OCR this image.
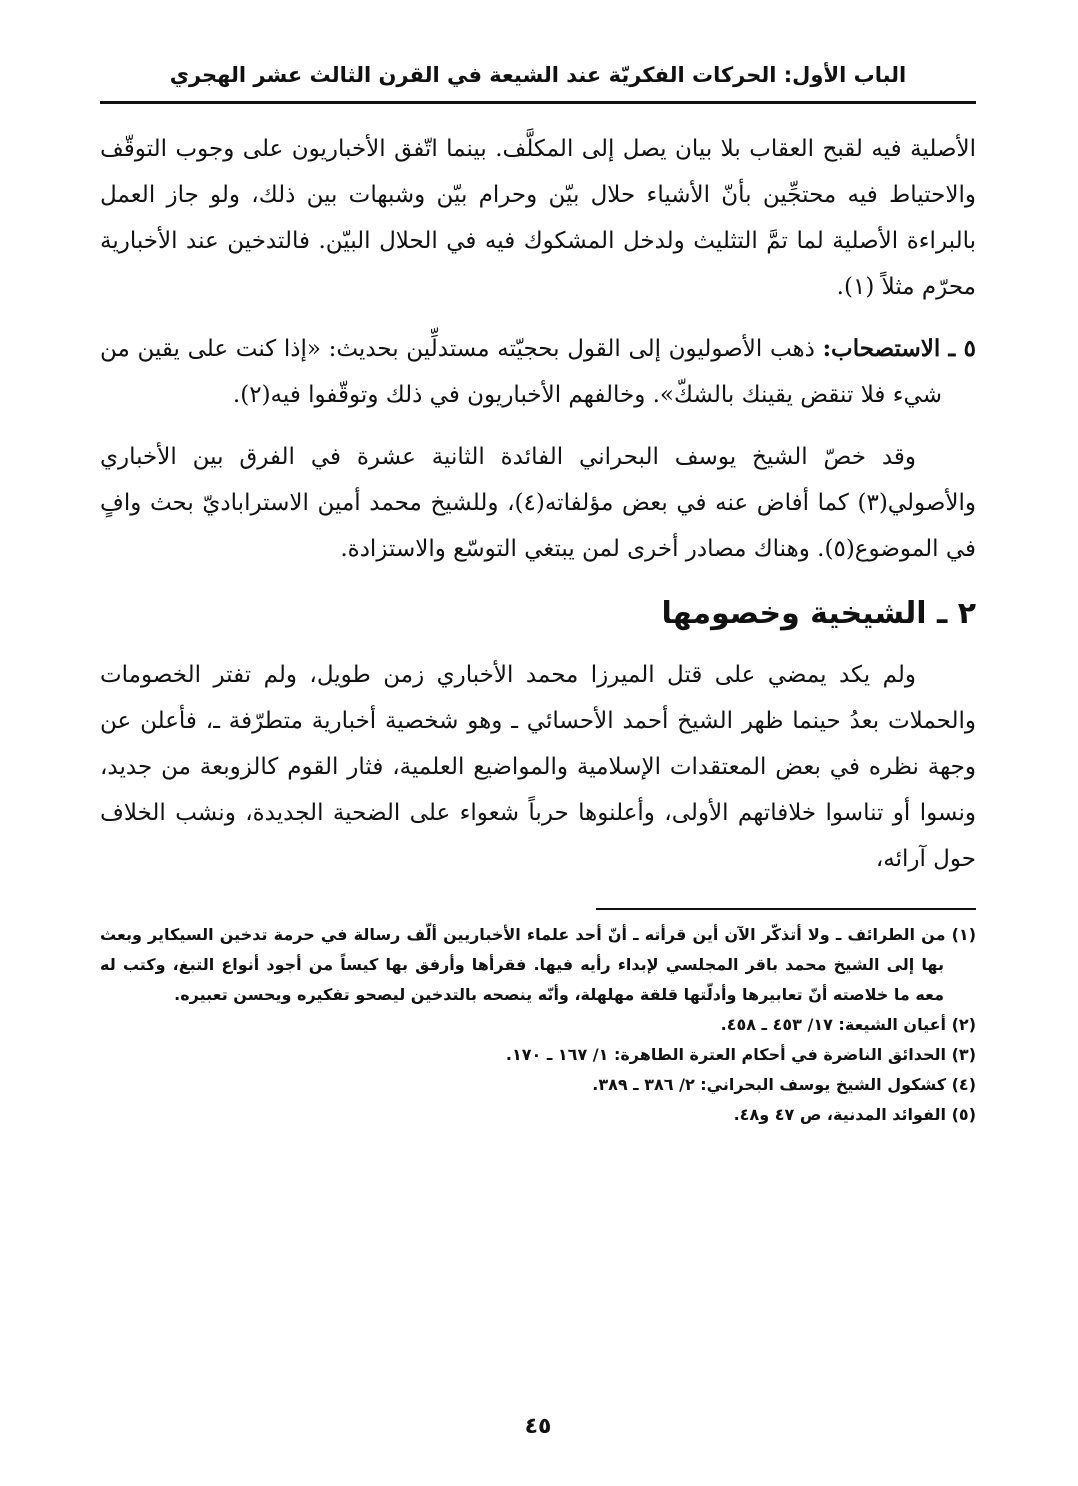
الباب الأول: الحركات الفكريّة عند الشيعة في القرن الثالث عشر الهجري

الأصلية فيه لقبح العقاب بلا بيان يصل إلى المكلَّف. بينما اتّفق الأخباريون على وجوب التوقّف والاحتياط فيه محتجِّين بأنّ الأشياء حلال بيّن وحرام بيّن وشبهات بين ذلك، ولو جاز العمل بالبراءة الأصلية لما تمَّ التثليث ولدخل المشكوك فيه في الحلال البيّن. فالتدخين عند الأخبارية محرّم مثلاً (١).

٥ ـ الاستصحاب: ذهب الأصوليون إلى القول بحجيّته مستدلِّين بحديث: «إذا كنت على يقين من شيء فلا تنقض يقينك بالشكّ». وخالفهم الأخباريون في ذلك وتوقّفوا فيه(٢).

وقد خصّ الشيخ يوسف البحراني الفائدة الثانية عشرة في الفرق بين الأخباري والأصولي(٣) كما أفاض عنه في بعض مؤلفاته(٤)، وللشيخ محمد أمين الاستراباديّ بحث وافٍ في الموضوع(٥). وهناك مصادر أخرى لمن يبتغي التوسّع والاستزادة.

٢ ـ الشيخية وخصومها

ولم يكد يمضي على قتل الميرزا محمد الأخباري زمن طويل، ولم تفتر الخصومات والحملات بعدُ حينما ظهر الشيخ أحمد الأحسائي ـ وهو شخصية أخبارية متطرّفة ـ، فأعلن عن وجهة نظره في بعض المعتقدات الإسلامية والمواضيع العلمية، فثار القوم كالزوبعة من جديد، ونسوا أو تناسوا خلافاتهم الأولى، وأعلنوها حرباً شعواء على الضحية الجديدة، ونشب الخلاف حول آرائه،

(١) من الطرائف ـ ولا أتذكّر الآن أين قرأته ـ أنّ أحد علماء الأخباريين ألّف رسالة في حرمة تدخين السيكاير وبعث بها إلى الشيخ محمد باقر المجلسي لإبداء رأيه فيها. فقرأها وأرفق بها كيساً من أجود أنواع التبغ، وكتب له معه ما خلاصته أنّ تعابيرها وأدلّتها قلقة مهلهلة، وأنّه ينصحه بالتدخين ليصحو تفكيره ويحسن تعبيره.

(٢) أعيان الشيعة: ١٧/ ٤٥٣ ـ ٤٥٨.

(٣) الحدائق الناضرة في أحكام العترة الطاهرة: ١/ ١٦٧ ـ ١٧٠.

(٤) كشكول الشيخ يوسف البحراني: ٢/ ٣٨٦ ـ ٣٨٩.

(٥) الفوائد المدنية، ص ٤٧ و٤٨.

٤٥
